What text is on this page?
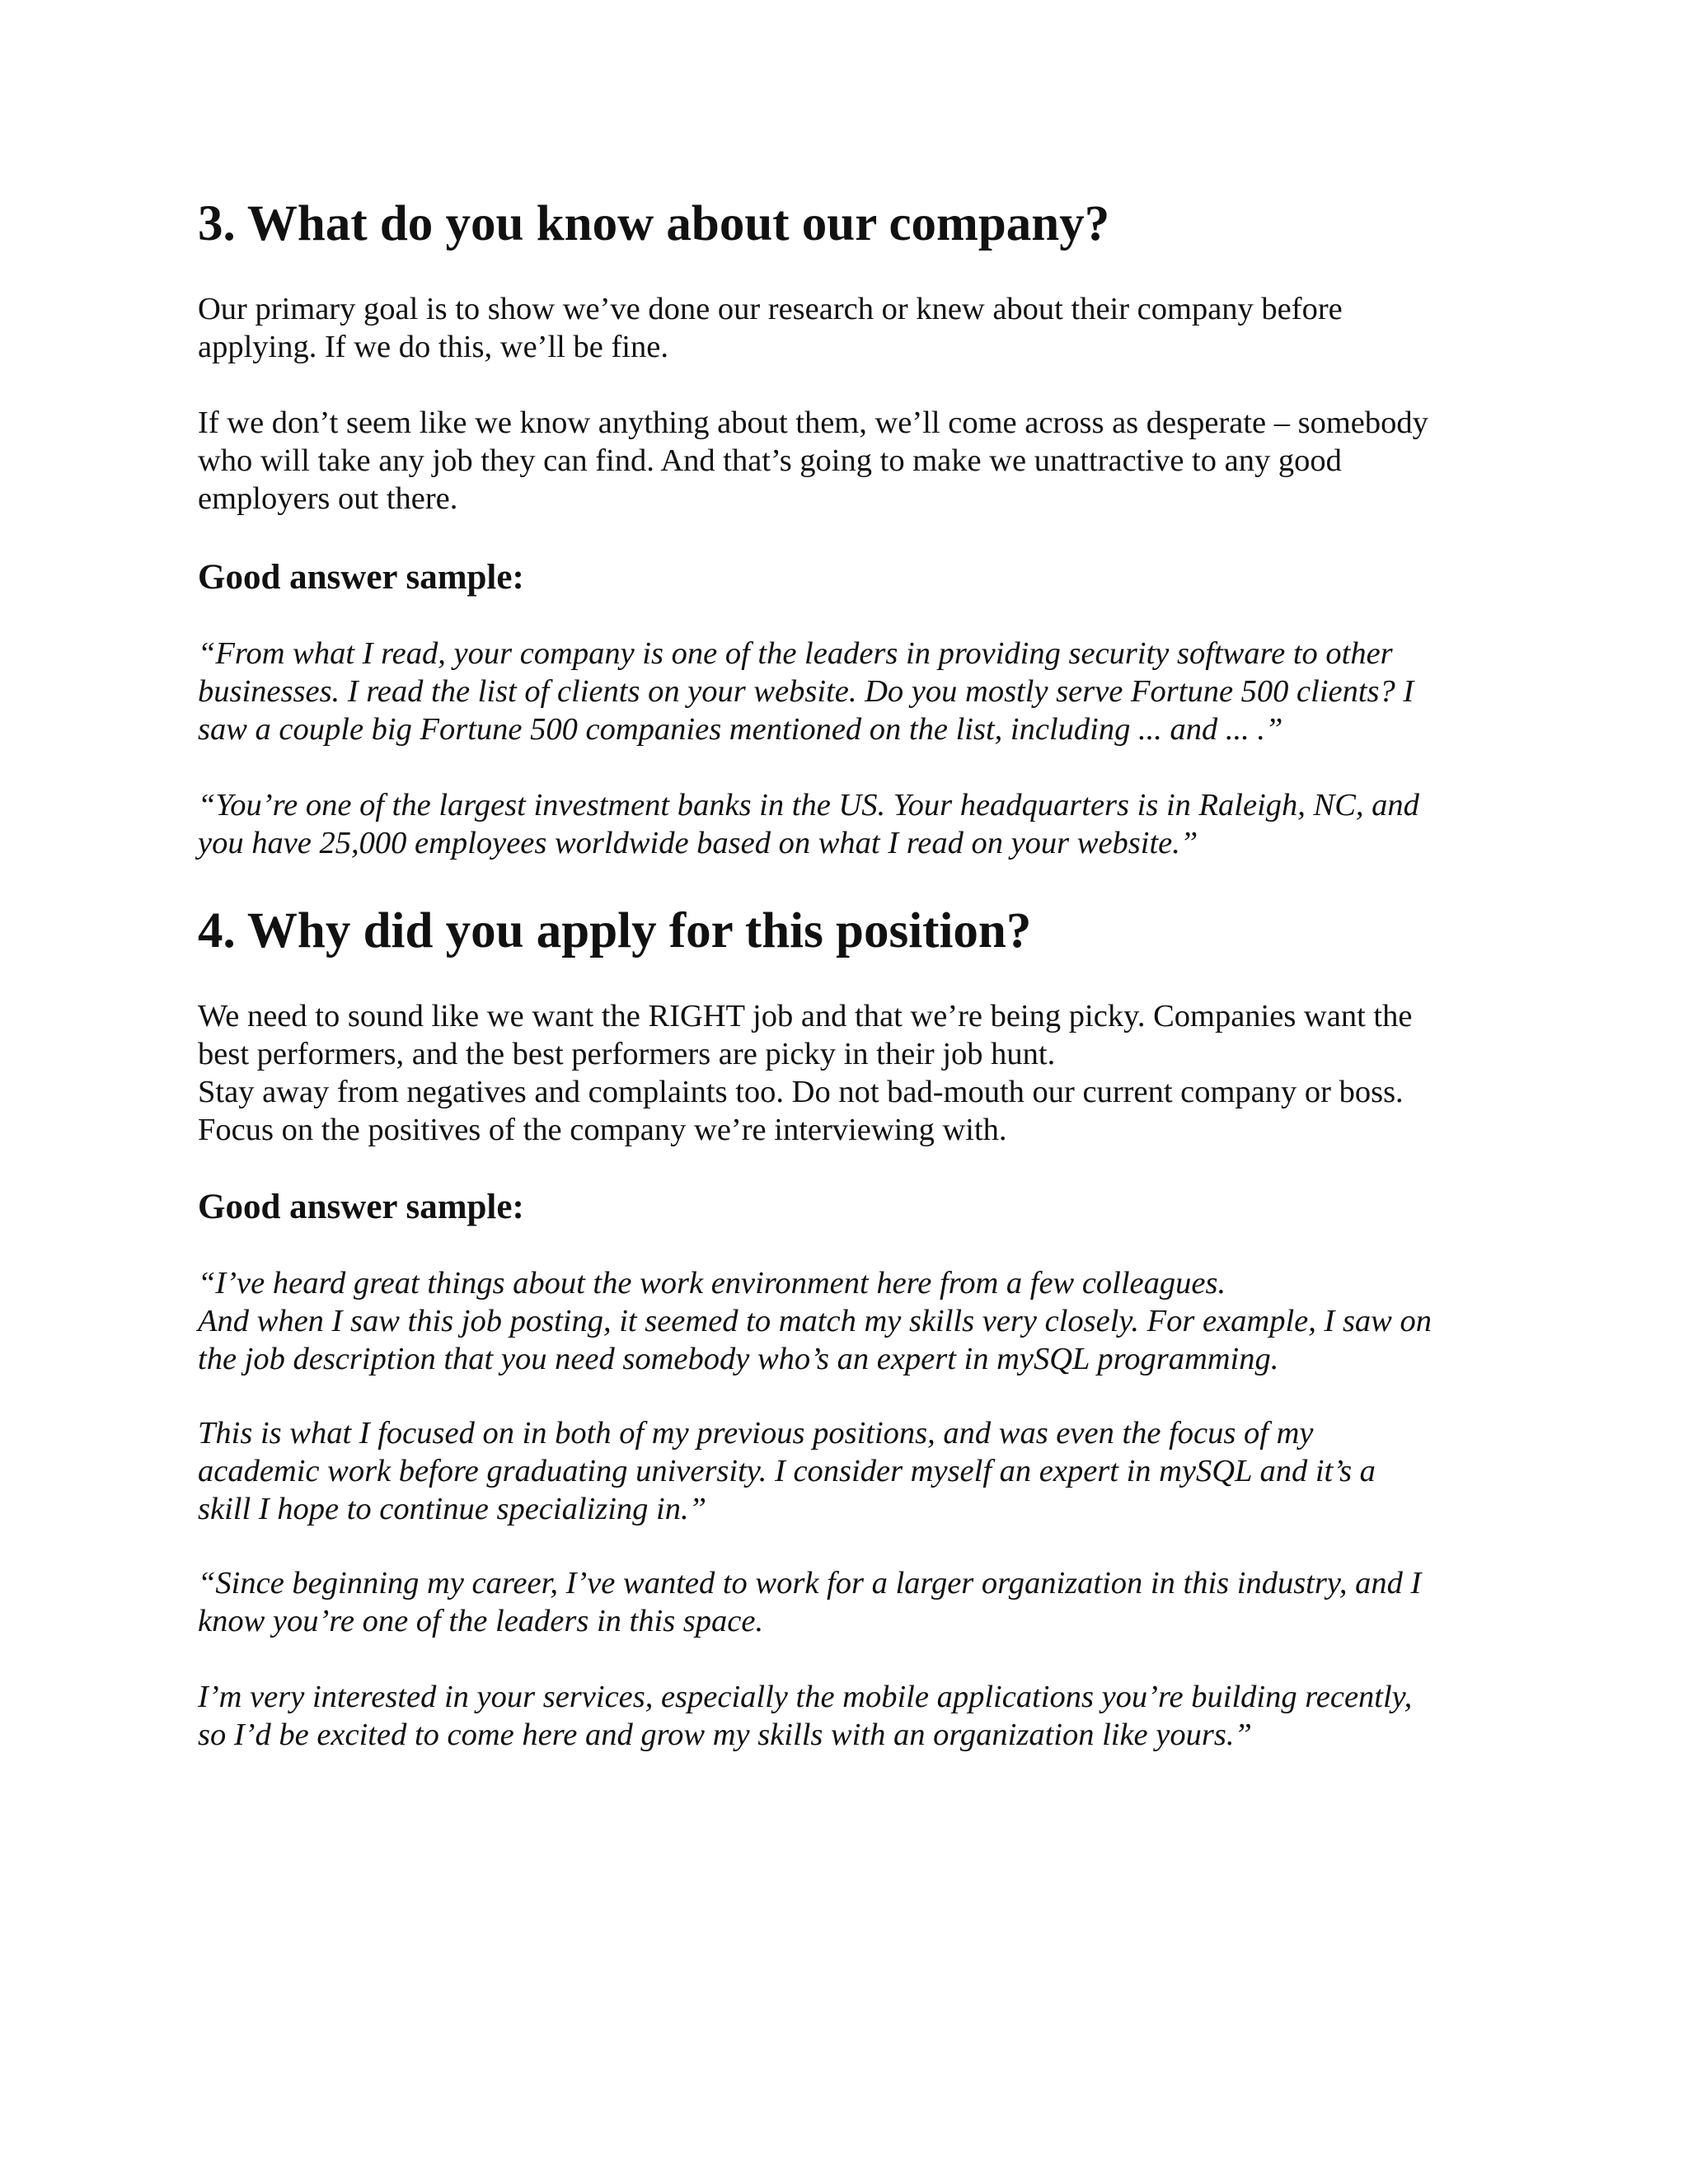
3. What do you know about our company?

Our primary goal is to show we’ve done our research or knew about their company before
applying. If we do this, we’ll be fine.

If we don’t seem like we know anything about them, we’ll come across as desperate – somebody
who will take any job they can find. And that’s going to make we unattractive to any good
employers out there.

Good answer sample:

“From what I read, your company is one of the leaders in providing security software to other
businesses. I read the list of clients on your website. Do you mostly serve Fortune 500 clients? I
saw a couple big Fortune 500 companies mentioned on the list, including ... and ... .”

“You’re one of the largest investment banks in the US. Your headquarters is in Raleigh, NC, and
you have 25,000 employees worldwide based on what I read on your website.”

4. Why did you apply for this position?

We need to sound like we want the RIGHT job and that we’re being picky. Companies want the
best performers, and the best performers are picky in their job hunt.
Stay away from negatives and complaints too. Do not bad-mouth our current company or boss.
Focus on the positives of the company we’re interviewing with.

Good answer sample:

“I’ve heard great things about the work environment here from a few colleagues.
And when I saw this job posting, it seemed to match my skills very closely. For example, I saw on
the job description that you need somebody who’s an expert in mySQL programming.

This is what I focused on in both of my previous positions, and was even the focus of my
academic work before graduating university. I consider myself an expert in mySQL and it’s a
skill I hope to continue specializing in.”

“Since beginning my career, I’ve wanted to work for a larger organization in this industry, and I
know you’re one of the leaders in this space.

I’m very interested in your services, especially the mobile applications you’re building recently,
so I’d be excited to come here and grow my skills with an organization like yours.”
